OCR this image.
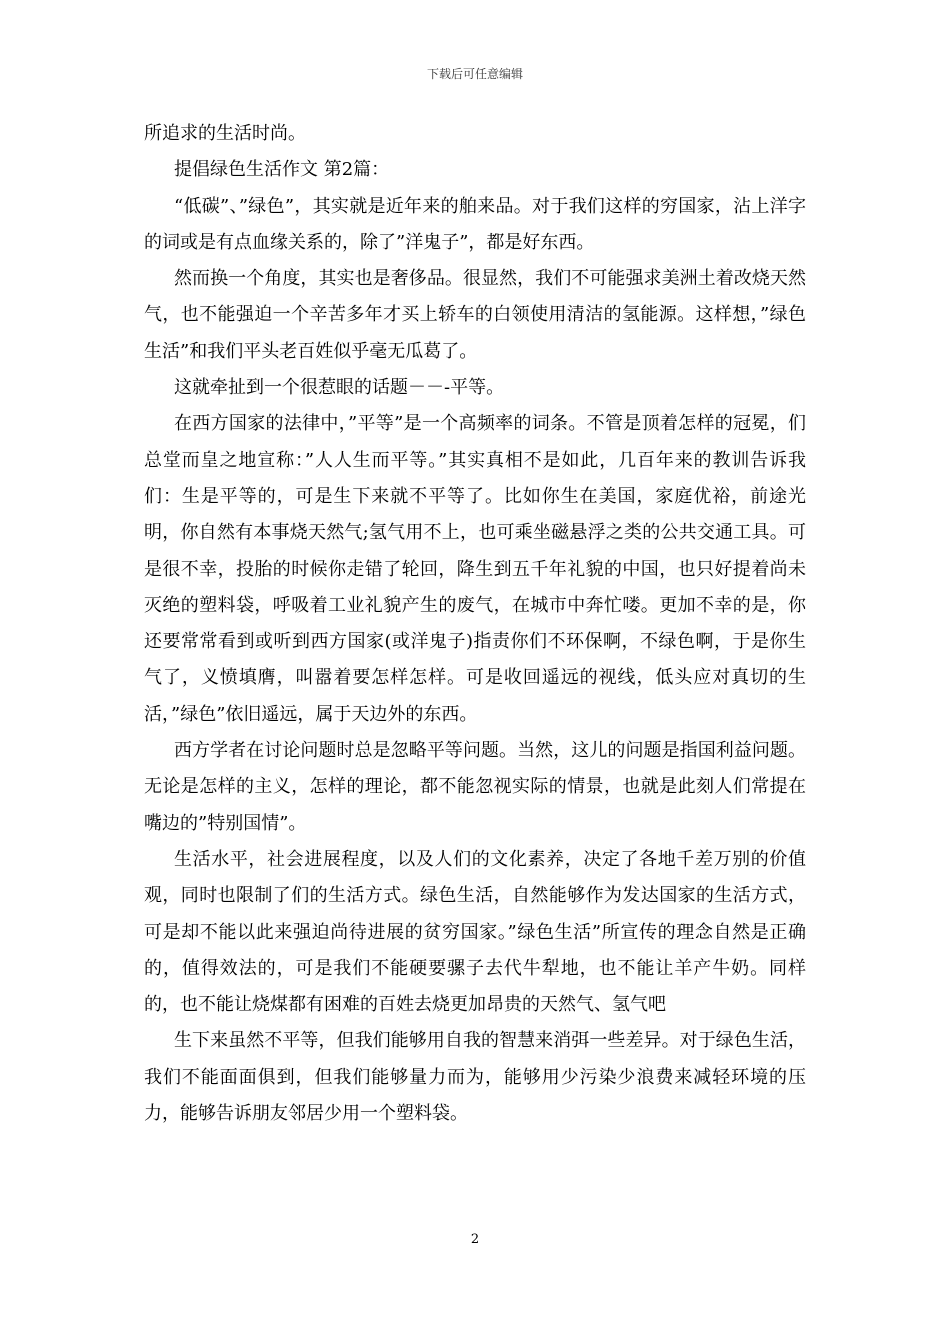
下载后可任意编辑

所追求的生活时尚。

提倡绿色生活作文 第2篇：

“低碳”、”绿色”，其实就是近年来的舶来品。对于我们这样的穷国家，沾上洋字的词或是有点血缘关系的，除了”洋鬼子”，都是好东西。

然而换一个角度，其实也是奢侈品。很显然，我们不可能强求美洲土着改烧天然气，也不能强迫一个辛苦多年才买上轿车的白领使用清洁的氢能源。这样想，”绿色生活”和我们平头老百姓似乎毫无瓜葛了。

这就牵扯到一个很惹眼的话题－－-平等。

在西方国家的法律中，”平等”是一个高频率的词条。不管是顶着怎样的冠冕，们总堂而皇之地宣称：”人人生而平等。”其实真相不是如此，几百年来的教训告诉我们：生是平等的，可是生下来就不平等了。比如你生在美国，家庭优裕，前途光明，你自然有本事烧天然气;氢气用不上，也可乘坐磁悬浮之类的公共交通工具。可是很不幸，投胎的时候你走错了轮回，降生到五千年礼貌的中国，也只好提着尚未灭绝的塑料袋，呼吸着工业礼貌产生的废气，在城市中奔忙喽。更加不幸的是，你还要常常看到或听到西方国家(或洋鬼子)指责你们不环保啊，不绿色啊，于是你生气了，义愤填膺，叫嚣着要怎样怎样。可是收回遥远的视线，低头应对真切的生活，”绿色”依旧遥远，属于天边外的东西。

西方学者在讨论问题时总是忽略平等问题。当然，这儿的问题是指国利益问题。无论是怎样的主义，怎样的理论，都不能忽视实际的情景，也就是此刻人们常提在嘴边的”特别国情”。

生活水平，社会进展程度，以及人们的文化素养，决定了各地千差万别的价值观，同时也限制了们的生活方式。绿色生活，自然能够作为发达国家的生活方式，可是却不能以此来强迫尚待进展的贫穷国家。”绿色生活”所宣传的理念自然是正确的，值得效法的，可是我们不能硬要骡子去代牛犁地，也不能让羊产牛奶。同样的，也不能让烧煤都有困难的百姓去烧更加昂贵的天然气、氢气吧

生下来虽然不平等，但我们能够用自我的智慧来消弭一些差异。对于绿色生活，我们不能面面俱到，但我们能够量力而为，能够用少污染少浪费来减轻环境的压力，能够告诉朋友邻居少用一个塑料袋。

2
